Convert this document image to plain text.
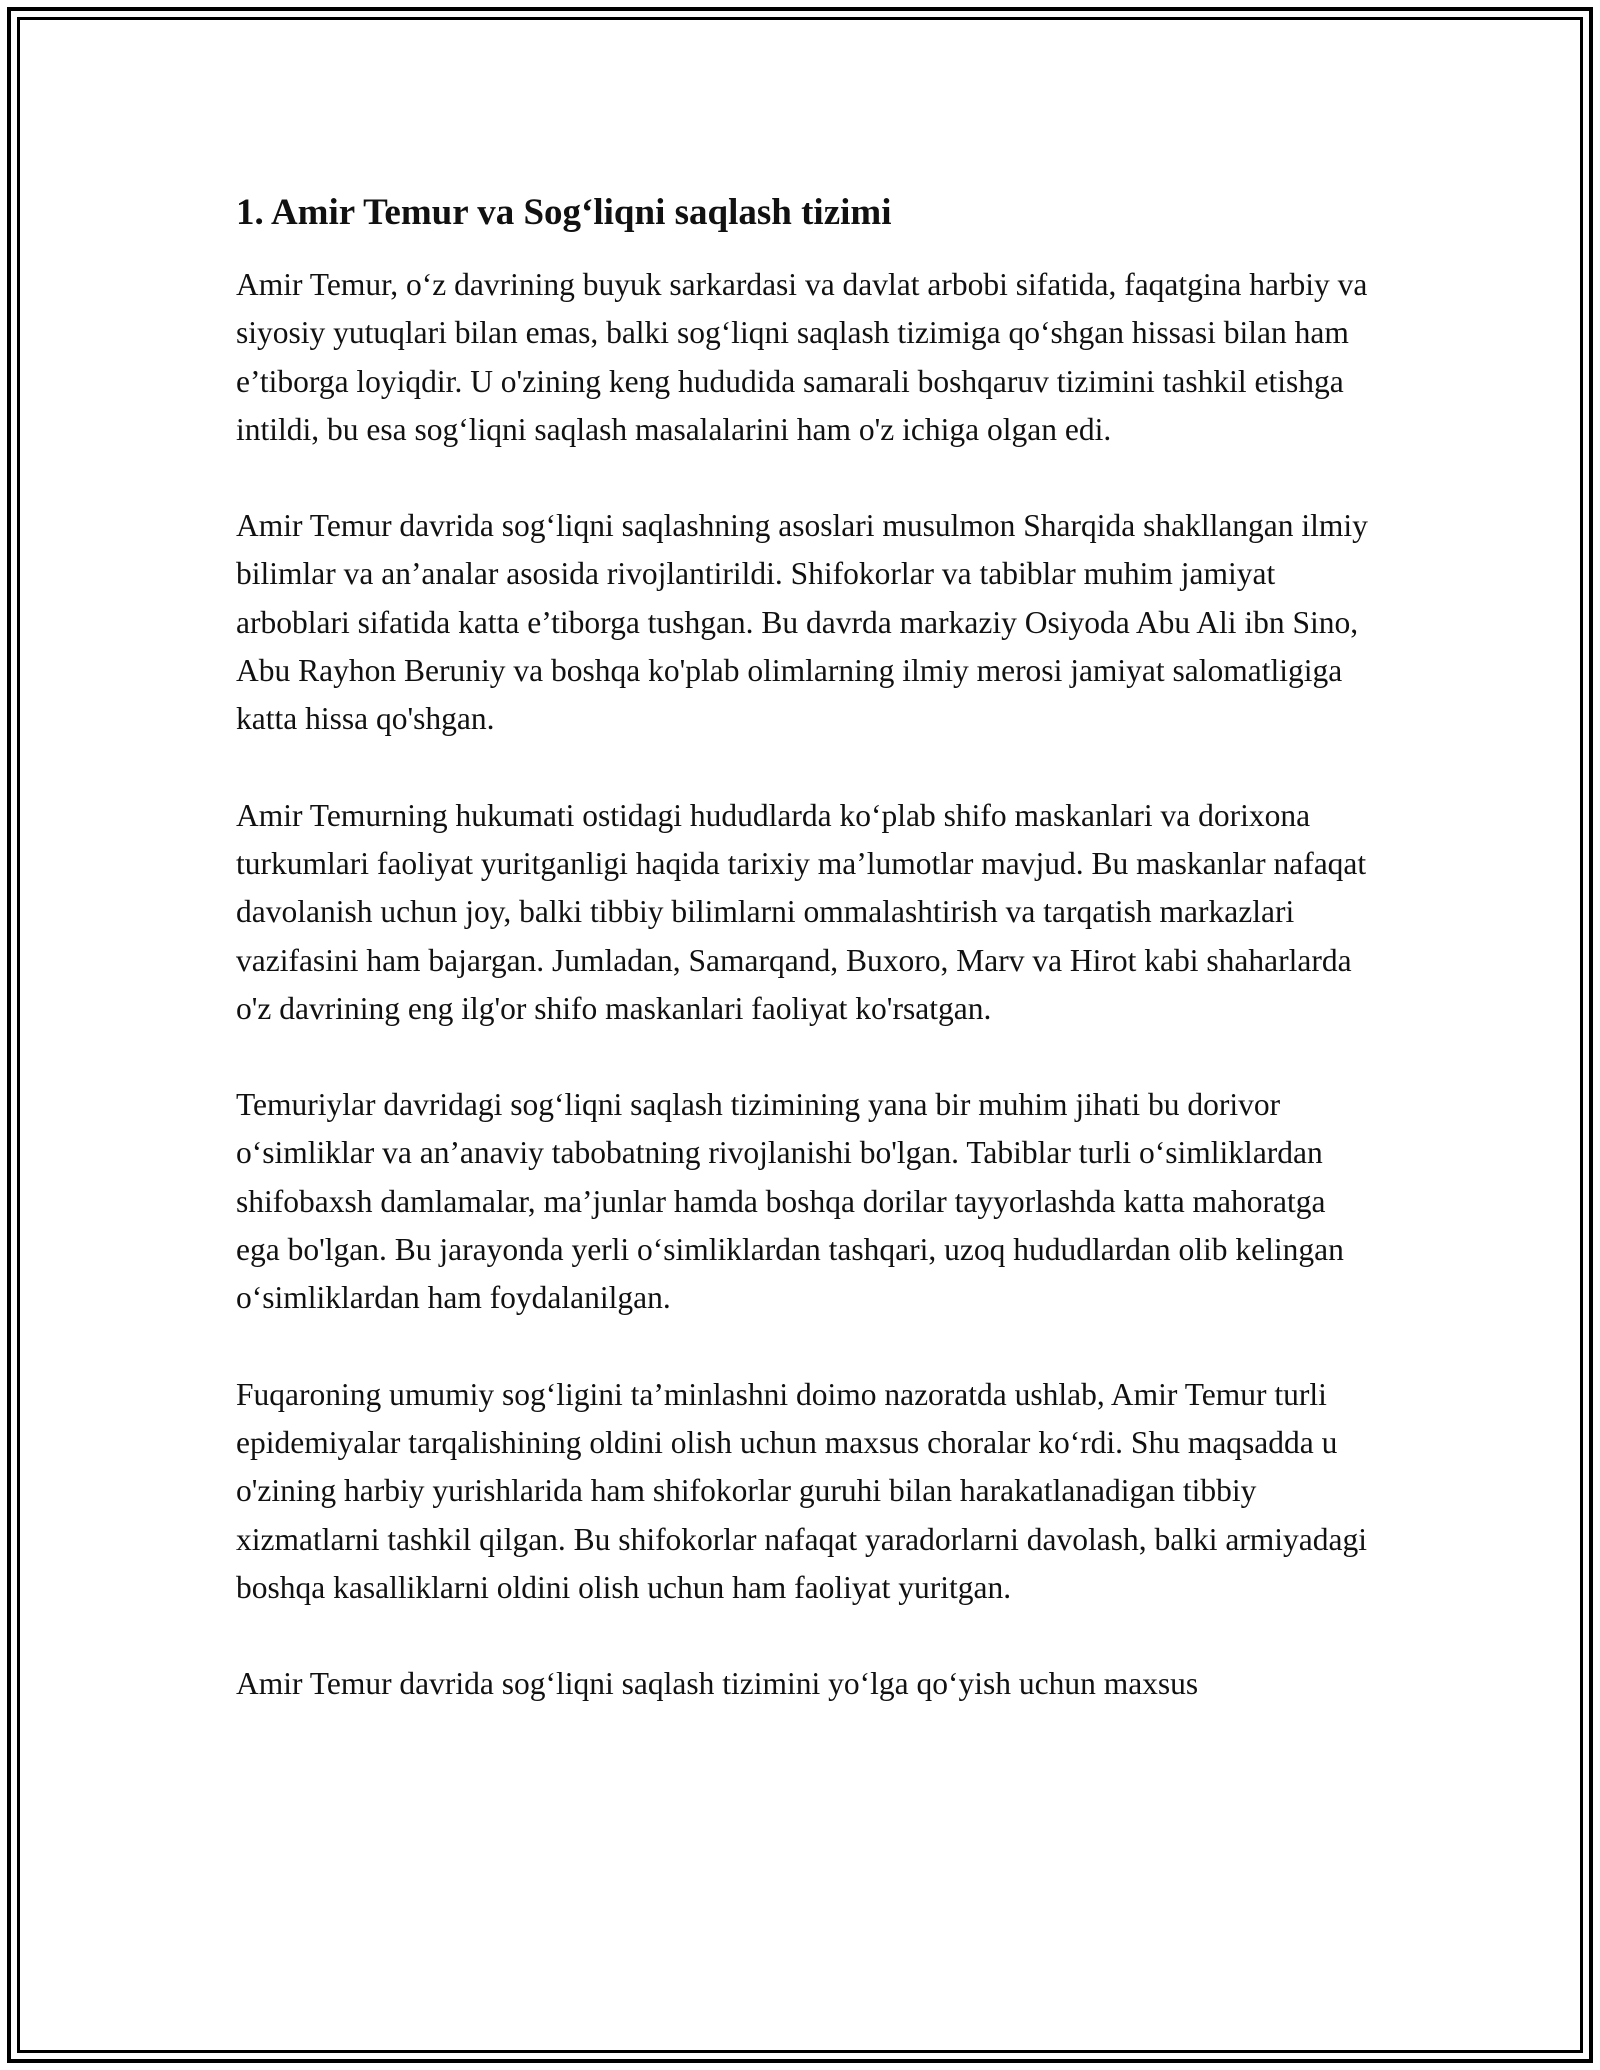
1. Amir Temur va Sog‘liqni saqlash tizimi

Amir Temur, o‘z davrining buyuk sarkardasi va davlat arbobi sifatida, faqatgina harbiy va siyosiy yutuqlari bilan emas, balki sog‘liqni saqlash tizimiga qo‘shgan hissasi bilan ham e’tiborga loyiqdir. U o'zining keng hududida samarali boshqaruv tizimini tashkil etishga intildi, bu esa sog‘liqni saqlash masalalarini ham o'z ichiga olgan edi.

Amir Temur davrida sog‘liqni saqlashning asoslari musulmon Sharqida shakllangan ilmiy bilimlar va an’analar asosida rivojlantirildi. Shifokorlar va tabiblar muhim jamiyat arboblari sifatida katta e’tiborga tushgan. Bu davrda markaziy Osiyoda Abu Ali ibn Sino, Abu Rayhon Beruniy va boshqa ko'plab olimlarning ilmiy merosi jamiyat salomatligiga katta hissa qo'shgan.

Amir Temurning hukumati ostidagi hududlarda ko‘plab shifo maskanlari va dorixona turkumlari faoliyat yuritganligi haqida tarixiy ma’lumotlar mavjud. Bu maskanlar nafaqat davolanish uchun joy, balki tibbiy bilimlarni ommalashtirish va tarqatish markazlari vazifasini ham bajargan. Jumladan, Samarqand, Buxoro, Marv va Hirot kabi shaharlarda o'z davrining eng ilg'or shifo maskanlari faoliyat ko'rsatgan.

Temuriylar davridagi sog‘liqni saqlash tizimining yana bir muhim jihati bu dorivor o‘simliklar va an’anaviy tabobatning rivojlanishi bo'lgan. Tabiblar turli o‘simliklardan shifobaxsh damlamalar, ma’junlar hamda boshqa dorilar tayyorlashda katta mahoratga ega bo'lgan. Bu jarayonda yerli o‘simliklardan tashqari, uzoq hududlardan olib kelingan o‘simliklardan ham foydalanilgan.

Fuqaroning umumiy sog‘ligini ta’minlashni doimo nazoratda ushlab, Amir Temur turli epidemiyalar tarqalishining oldini olish uchun maxsus choralar ko‘rdi. Shu maqsadda u o'zining harbiy yurishlarida ham shifokorlar guruhi bilan harakatlanadigan tibbiy xizmatlarni tashkil qilgan. Bu shifokorlar nafaqat yaradorlarni davolash, balki armiyadagi boshqa kasalliklarni oldini olish uchun ham faoliyat yuritgan.

Amir Temur davrida sog‘liqni saqlash tizimini yo‘lga qo‘yish uchun maxsus
